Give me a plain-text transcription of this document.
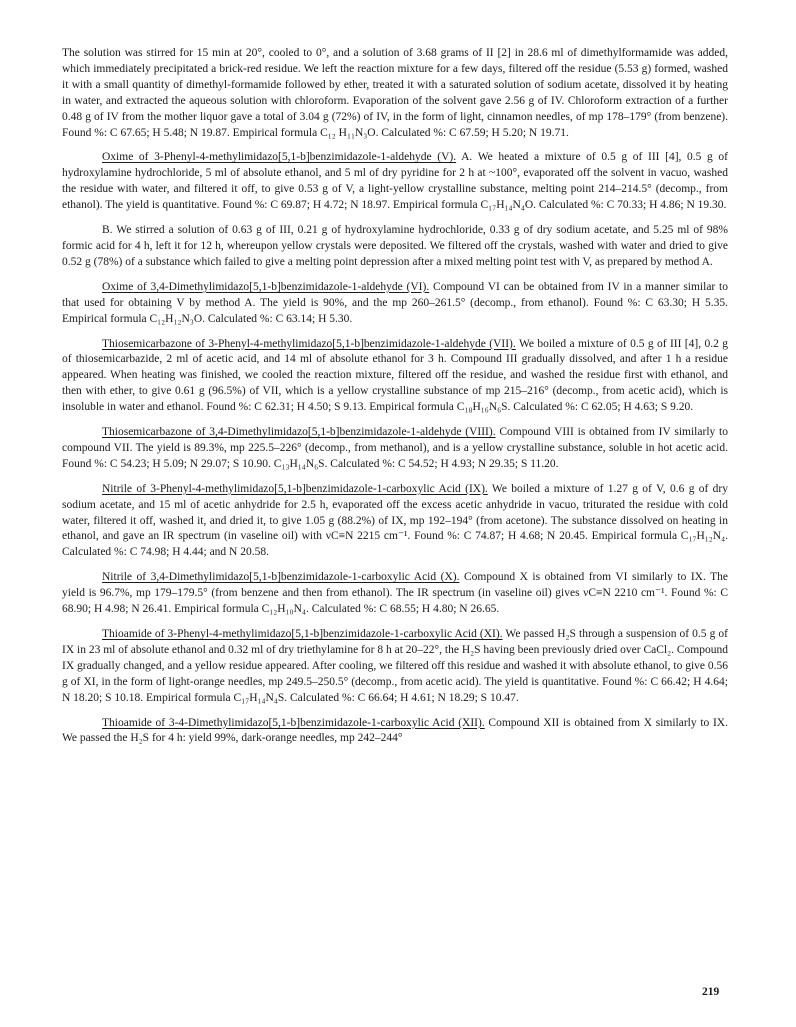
The solution was stirred for 15 min at 20°, cooled to 0°, and a solution of 3.68 grams of II [2] in 28.6 ml of dimethylformamide was added, which immediately precipitated a brick-red residue. We left the reaction mixture for a few days, filtered off the residue (5.53 g) formed, washed it with a small quantity of dimethyl-formamide followed by ether, treated it with a saturated solution of sodium acetate, dissolved it by heating in water, and extracted the aqueous solution with chloroform. Evaporation of the solvent gave 2.56 g of IV. Chloroform extraction of a further 0.48 g of IV from the mother liquor gave a total of 3.04 g (72%) of IV, in the form of light, cinnamon needles, of mp 178–179° (from benzene). Found %: C 67.65; H 5.48; N 19.87. Empirical formula C₁₂ H₁₁N₃O. Calculated %: C 67.59; H 5.20; N 19.71.

Oxime of 3-Phenyl-4-methylimidazo[5,1-b]benzimidazole-1-aldehyde (V). A. We heated a mixture of 0.5 g of III [4], 0.5 g of hydroxylamine hydrochloride, 5 ml of absolute ethanol, and 5 ml of dry pyridine for 2 h at ~100°, evaporated off the solvent in vacuo, washed the residue with water, and filtered it off, to give 0.53 g of V, a light-yellow crystalline substance, melting point 214–214.5° (decomp., from ethanol). The yield is quantitative. Found %: C 69.87; H 4.72; N 18.97. Empirical formula C₁₇H₁₄N₄O. Calculated %: C 70.33; H 4.86; N 19.30.

B. We stirred a solution of 0.63 g of III, 0.21 g of hydroxylamine hydrochloride, 0.33 g of dry sodium acetate, and 5.25 ml of 98% formic acid for 4 h, left it for 12 h, whereupon yellow crystals were deposited. We filtered off the crystals, washed with water and dried to give 0.52 g (78%) of a substance which failed to give a melting point depression after a mixed melting point test with V, as prepared by method A.

Oxime of 3,4-Dimethylimidazo[5,1-b]benzimidazole-1-aldehyde (VI). Compound VI can be obtained from IV in a manner similar to that used for obtaining V by method A. The yield is 90%, and the mp 260–261.5° (decomp., from ethanol). Found %: C 63.30; H 5.35. Empirical formula C₁₂H₁₂N₃O. Calculated %: C 63.14; H 5.30.

Thiosemicarbazone of 3-Phenyl-4-methylimidazo[5,1-b]benzimidazole-1-aldehyde (VII). We boiled a mixture of 0.5 g of III [4], 0.2 g of thiosemicarbazide, 2 ml of acetic acid, and 14 ml of absolute ethanol for 3 h. Compound III gradually dissolved, and after 1 h a residue appeared. When heating was finished, we cooled the reaction mixture, filtered off the residue, and washed the residue first with ethanol, and then with ether, to give 0.61 g (96.5%) of VII, which is a yellow crystalline substance of mp 215–216° (decomp., from acetic acid), which is insoluble in water and ethanol. Found %: C 62.31; H 4.50; S 9.13. Empirical formula C₁₈H₁₆N₆S. Calculated %: C 62.05; H 4.63; S 9.20.

Thiosemicarbazone of 3,4-Dimethylimidazo[5,1-b]benzimidazole-1-aldehyde (VIII). Compound VIII is obtained from IV similarly to compound VII. The yield is 89.3%, mp 225.5–226° (decomp., from methanol), and is a yellow crystalline substance, soluble in hot acetic acid. Found %: C 54.23; H 5.09; N 29.07; S 10.90. C₁₃H₁₄N₆S. Calculated %: C 54.52; H 4.93; N 29.35; S 11.20.

Nitrile of 3-Phenyl-4-methylimidazo[5,1-b]benzimidazole-1-carboxylic Acid (IX). We boiled a mixture of 1.27 g of V, 0.6 g of dry sodium acetate, and 15 ml of acetic anhydride for 2.5 h, evaporated off the excess acetic anhydride in vacuo, triturated the residue with cold water, filtered it off, washed it, and dried it, to give 1.05 g (88.2%) of IX, mp 192–194° (from acetone). The substance dissolved on heating in ethanol, and gave an IR spectrum (in vaseline oil) with νC≡N 2215 cm⁻¹. Found %: C 74.87; H 4.68; N 20.45. Empirical formula C₁₇H₁₂N₄. Calculated %: C 74.98; H 4.44; and N 20.58.

Nitrile of 3,4-Dimethylimidazo[5,1-b]benzimidazole-1-carboxylic Acid (X). Compound X is obtained from VI similarly to IX. The yield is 96.7%, mp 179–179.5° (from benzene and then from ethanol). The IR spectrum (in vaseline oil) gives νC≡N 2210 cm⁻¹. Found %: C 68.90; H 4.98; N 26.41. Empirical formula C₁₂H₁₀N₄. Calculated %: C 68.55; H 4.80; N 26.65.

Thioamide of 3-Phenyl-4-methylimidazo[5,1-b]benzimidazole-1-carboxylic Acid (XI). We passed H₂S through a suspension of 0.5 g of IX in 23 ml of absolute ethanol and 0.32 ml of dry triethylamine for 8 h at 20–22°, the H₂S having been previously dried over CaCl₂. Compound IX gradually changed, and a yellow residue appeared. After cooling, we filtered off this residue and washed it with absolute ethanol, to give 0.56 g of XI, in the form of light-orange needles, mp 249.5–250.5° (decomp., from acetic acid). The yield is quantitative. Found %: C 66.42; H 4.64; N 18.20; S 10.18. Empirical formula C₁₇H₁₄N₄S. Calculated %: C 66.64; H 4.61; N 18.29; S 10.47.

Thioamide of 3-4-Dimethylimidazo[5,1-b]benzimidazole-1-carboxylic Acid (XII). Compound XII is obtained from X similarly to IX. We passed the H₂S for 4 h: yield 99%, dark-orange needles, mp 242–244°

219
